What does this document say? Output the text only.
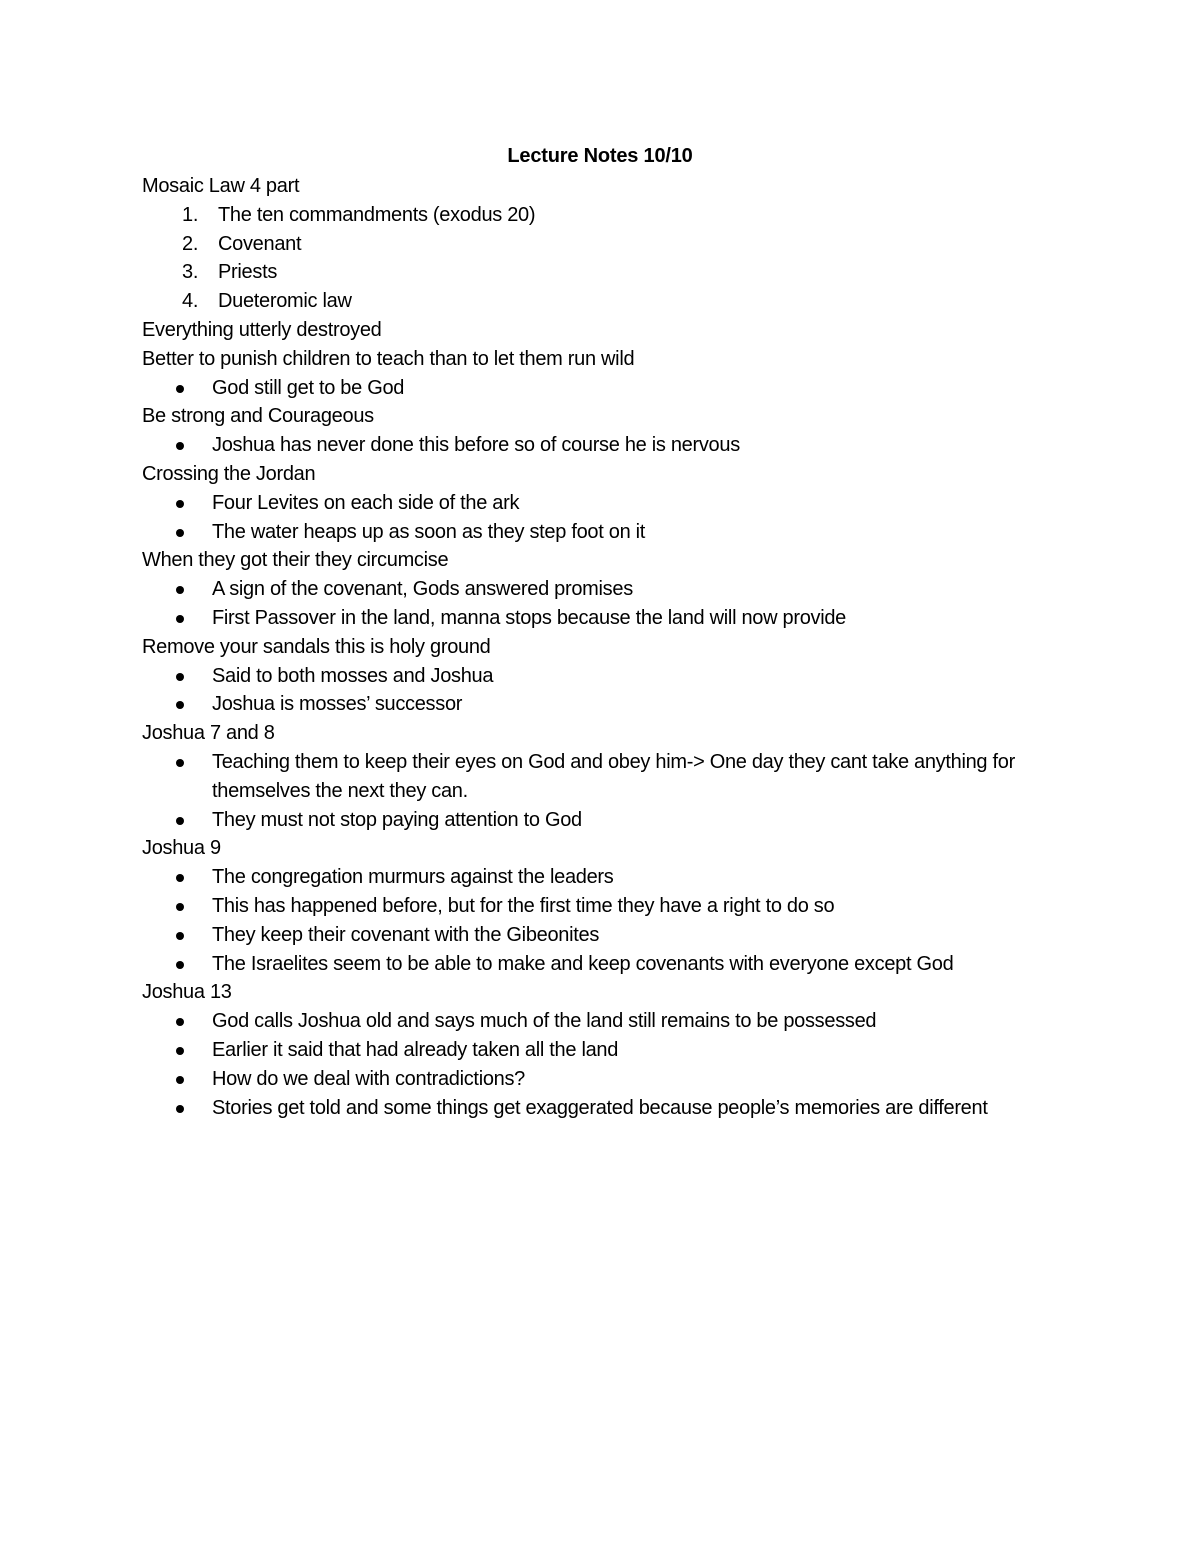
Lecture Notes 10/10
Mosaic Law 4 part
1. The ten commandments (exodus 20)
2. Covenant
3. Priests
4. Dueteromic law
Everything utterly destroyed
Better to punish children to teach than to let them run wild
God still get to be God
Be strong and Courageous
Joshua has never done this before so of course he is nervous
Crossing the Jordan
Four Levites on each side of the ark
The water heaps up as soon as they step foot on it
When they got their they circumcise
A sign of the covenant, Gods answered promises
First Passover in the land, manna stops because the land will now provide
Remove your sandals this is holy ground
Said to both mosses and Joshua
Joshua is mosses’ successor
Joshua 7 and 8
Teaching them to keep their eyes on God and obey him-> One day they cant take anything for themselves the next they can.
They must not stop paying attention to God
Joshua 9
The congregation murmurs against the leaders
This has happened before, but for the first time they have a right to do so
They keep their covenant with the Gibeonites
The Israelites seem to be able to make and keep covenants with everyone except God
Joshua 13
God calls Joshua old and says much of the land still remains to be possessed
Earlier it said that had already taken all the land
How do we deal with contradictions?
Stories get told and some things get exaggerated because people’s memories are different
